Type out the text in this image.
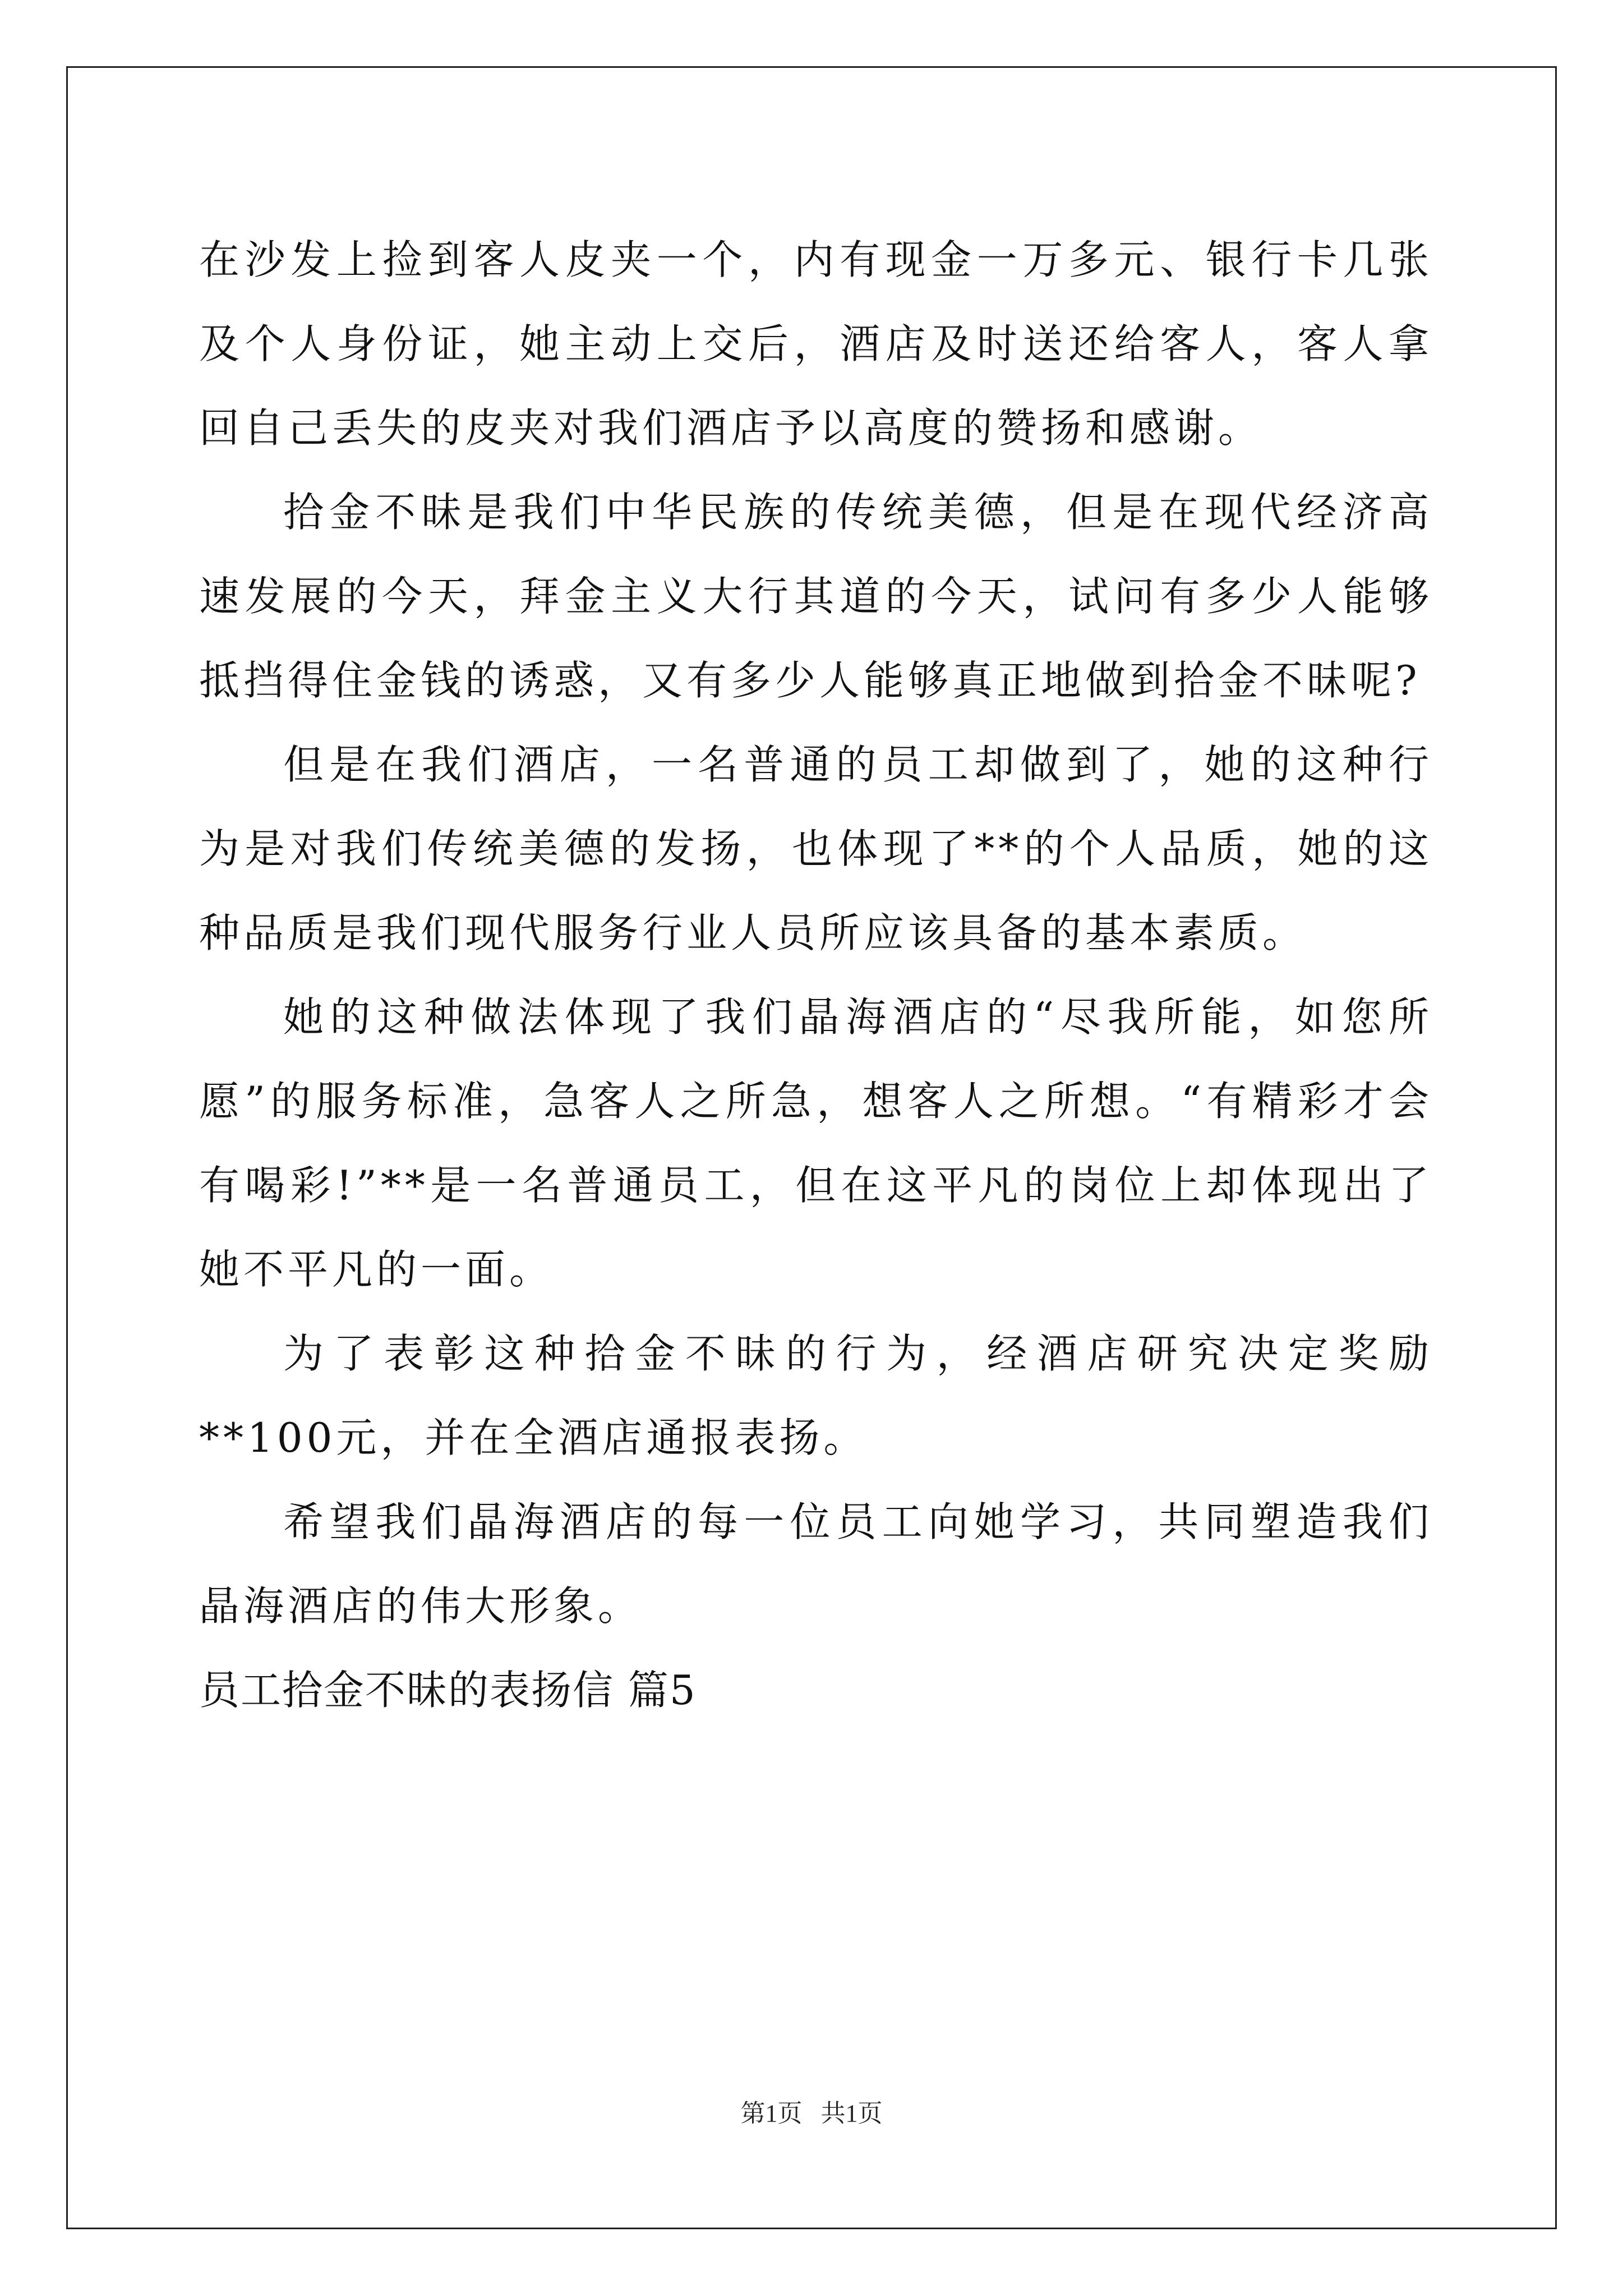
在沙发上捡到客人皮夹一个，内有现金一万多元、银行卡几张及个人身份证，她主动上交后，酒店及时送还给客人，客人拿回自己丢失的皮夹对我们酒店予以高度的赞扬和感谢。

拾金不昧是我们中华民族的传统美德，但是在现代经济高速发展的今天，拜金主义大行其道的今天，试问有多少人能够抵挡得住金钱的诱惑，又有多少人能够真正地做到拾金不昧呢?

但是在我们酒店，一名普通的员工却做到了，她的这种行为是对我们传统美德的发扬，也体现了**的个人品质，她的这种品质是我们现代服务行业人员所应该具备的基本素质。

她的这种做法体现了我们晶海酒店的“尽我所能，如您所愿”的服务标准，急客人之所急，想客人之所想。“有精彩才会有喝彩!”**是一名普通员工，但在这平凡的岗位上却体现出了她不平凡的一面。

为了表彰这种拾金不昧的行为，经酒店研究决定奖励**100元，并在全酒店通报表扬。

希望我们晶海酒店的每一位员工向她学习，共同塑造我们晶海酒店的伟大形象。

员工拾金不昧的表扬信 篇5

第1页 共1页
